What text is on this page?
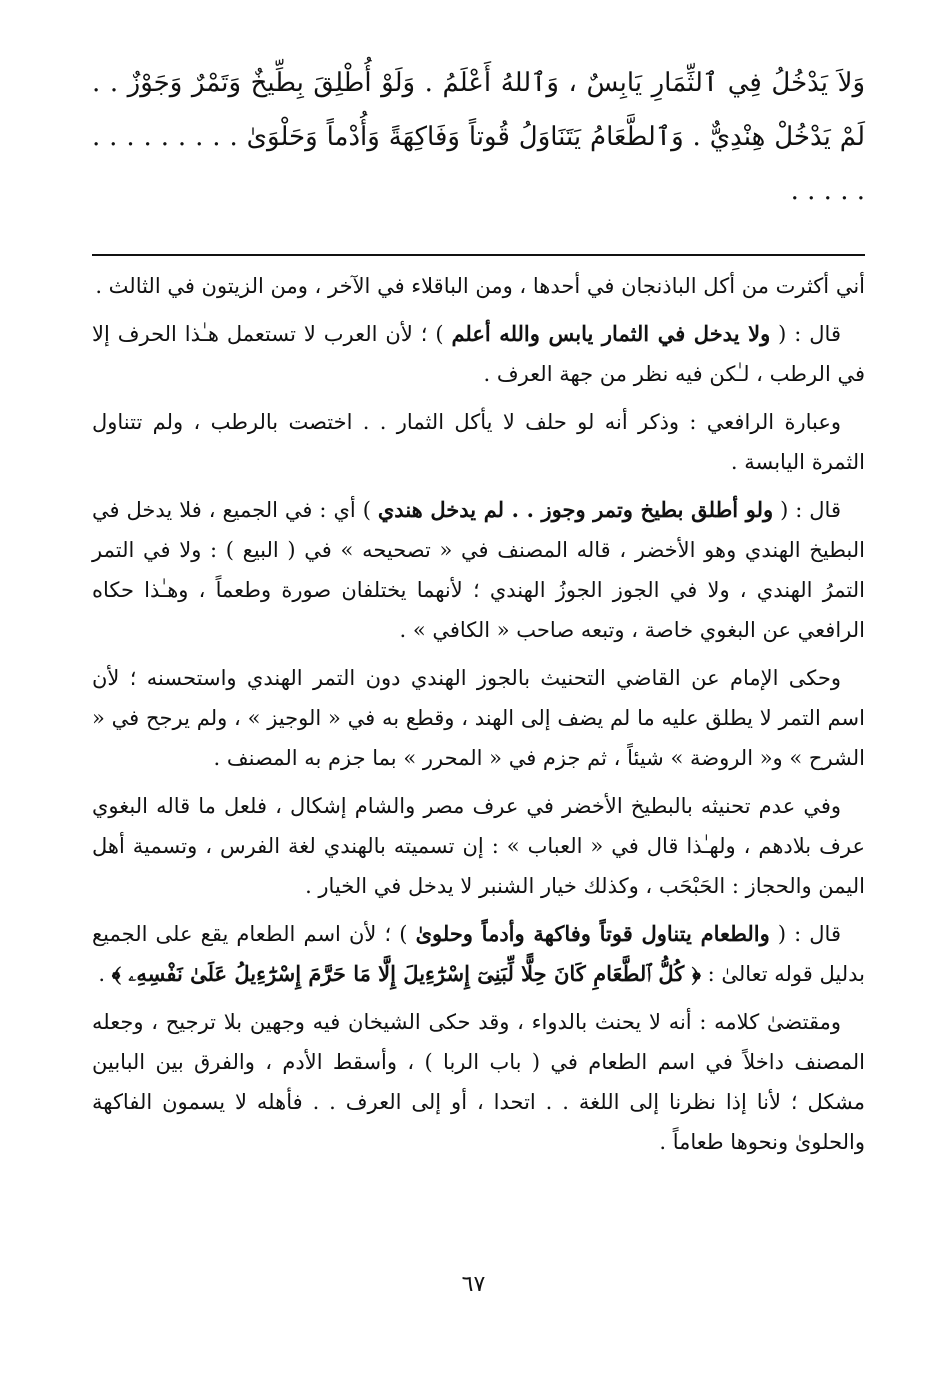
وَلاَ يَدْخُلُ فِي ٱلثِّمَارِ يَابِسٌ ، وَٱللهُ أَعْلَمُ . وَلَوْ أُطْلِقَ بِطِّيخٌ وَتَمْرٌ وَجَوْزٌ . . لَمْ يَدْخُلْ هِنْدِيٌّ . وَٱلطَّعَامُ يَتَنَاوَلُ قُوتاً وَفَاكِهَةً وَأُدْماً وَحَلْوَىٰ . . . . . . . . . . . . . .

أني أكثرت من أكل الباذنجان في أحدها ، ومن الباقلاء في الآخر ، ومن الزيتون في الثالث .

قال : ( ولا يدخل في الثمار يابس والله أعلم ) ؛ لأن العرب لا تستعمل هـٰذا الحرف إلا في الرطب ، لـٰكن فيه نظر من جهة العرف .

وعبارة الرافعي : وذكر أنه لو حلف لا يأكل الثمار . . اختصت بالرطب ، ولم تتناول الثمرة اليابسة .

قال : ( ولو أطلق بطيخ وتمر وجوز . . لم يدخل هندي ) أي : في الجميع ، فلا يدخل في البطيخ الهندي وهو الأخضر ، قاله المصنف في « تصحيحه » في ( البيع ) : ولا في التمر التمرُ الهندي ، ولا في الجوز الجوزُ الهندي ؛ لأنهما يختلفان صورة وطعماً ، وهـٰذا حكاه الرافعي عن البغوي خاصة ، وتبعه صاحب « الكافي » .

وحكى الإمام عن القاضي التحنيث بالجوز الهندي دون التمر الهندي واستحسنه ؛ لأن اسم التمر لا يطلق عليه ما لم يضف إلى الهند ، وقطع به في « الوجيز » ، ولم يرجح في « الشرح » و« الروضة » شيئاً ، ثم جزم في « المحرر » بما جزم به المصنف .

وفي عدم تحنيثه بالبطيخ الأخضر في عرف مصر والشام إشكال ، فلعل ما قاله البغوي عرف بلادهم ، ولهـٰذا قال في « العباب » : إن تسميته بالهندي لغة الفرس ، وتسمية أهل اليمن والحجاز : الحَبْحَب ، وكذلك خيار الشنبر لا يدخل في الخيار .

قال : ( والطعام يتناول قوتاً وفاكهة وأدماً وحلوىٰ ) ؛ لأن اسم الطعام يقع على الجميع بدليل قوله تعالىٰ : ﴿ كُلُّ ٱلطَّعَامِ كَانَ حِلًّا لِّبَنِىٓ إِسْرَٰٓءِيلَ إِلَّا مَا حَرَّمَ إِسْرَٰٓءِيلُ عَلَىٰ نَفْسِهِۦ ﴾ .

ومقتضىٰ كلامه : أنه لا يحنث بالدواء ، وقد حكى الشيخان فيه وجهين بلا ترجيح ، وجعله المصنف داخلاً في اسم الطعام في ( باب الربا ) ، وأسقط الأدم ، والفرق بين البابين مشكل ؛ لأنا إذا نظرنا إلى اللغة . . اتحدا ، أو إلى العرف . . فأهله لا يسمون الفاكهة والحلوىٰ ونحوها طعاماً .

٦٧
